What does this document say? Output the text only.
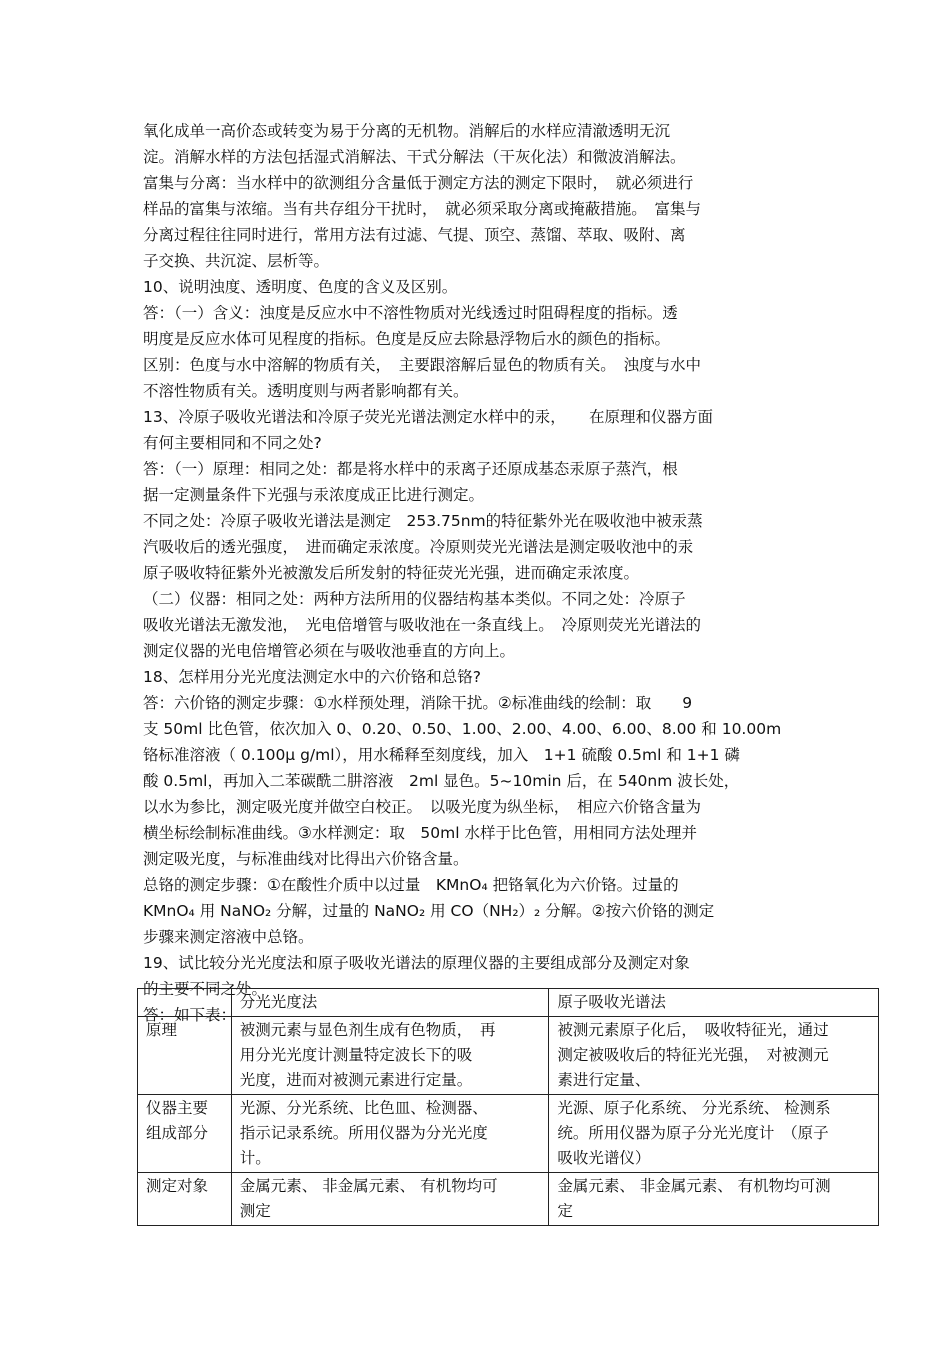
氧化成单一高价态或转变为易于分离的无机物。消解后的水样应清澈透明无沉
淀。消解水样的方法包括湿式消解法、干式分解法（干灰化法）和微波消解法。
富集与分离：当水样中的欲测组分含量低于测定方法的测定下限时，　就必须进行
样品的富集与浓缩。当有共存组分干扰时，　就必须采取分离或掩蔽措施。　富集与
分离过程往往同时进行，常用方法有过滤、气提、顶空、蒸馏、萃取、吸附、离
子交换、共沉淀、层析等。
10、说明浊度、透明度、色度的含义及区别。
答：（一）含义：浊度是反应水中不溶性物质对光线透过时阻碍程度的指标。透
明度是反应水体可见程度的指标。色度是反应去除悬浮物后水的颜色的指标。
区别：色度与水中溶解的物质有关，　主要跟溶解后显色的物质有关。　浊度与水中
不溶性物质有关。透明度则与两者影响都有关。
13、冷原子吸收光谱法和冷原子荧光光谱法测定水样中的汞，　　在原理和仪器方面
有何主要相同和不同之处?
答：（一）原理：相同之处：都是将水样中的汞离子还原成基态汞原子蒸汽，根
据一定测量条件下光强与汞浓度成正比进行测定。
不同之处：冷原子吸收光谱法是测定　253.75nm的特征紫外光在吸收池中被汞蒸
汽吸收后的透光强度，　进而确定汞浓度。冷原则荧光光谱法是测定吸收池中的汞
原子吸收特征紫外光被激发后所发射的特征荧光光强，进而确定汞浓度。
（二）仪器：相同之处：两种方法所用的仪器结构基本类似。不同之处：冷原子
吸收光谱法无激发池，　光电倍增管与吸收池在一条直线上。　冷原则荧光光谱法的
测定仪器的光电倍增管必须在与吸收池垂直的方向上。
18、怎样用分光光度法测定水中的六价铬和总铬?
答：六价铬的测定步骤：①水样预处理，消除干扰。②标准曲线的绘制：取　　9
支 50ml 比色管，依次加入 0、0.20、0.50、1.00、2.00、4.00、6.00、8.00 和 10.00m
铬标准溶液（ 0.100μ g/ml），用水稀释至刻度线，加入　1+1 硫酸 0.5ml 和 1+1 磷
酸 0.5ml，再加入二苯碳酰二肼溶液　2ml 显色。5~10min 后，在 540nm 波长处，
以水为参比，测定吸光度并做空白校正。　以吸光度为纵坐标，　相应六价铬含量为
横坐标绘制标准曲线。③水样测定：取　50ml 水样于比色管，用相同方法处理并
测定吸光度，与标准曲线对比得出六价铬含量。
总铬的测定步骤：①在酸性介质中以过量　KMnO₄ 把铬氧化为六价铬。过量的
KMnO₄ 用 NaNO₂ 分解，过量的 NaNO₂ 用 CO（NH₂）₂ 分解。②按六价铬的测定
步骤来测定溶液中总铬。
19、试比较分光光度法和原子吸收光谱法的原理仪器的主要组成部分及测定对象
的主要不同之处。
答：如下表：
	分光光度法	原子吸收光谱法

原理	被测元素与显色剂生成有色物质，　再
用分光光度计测量特定波长下的吸
光度，进而对被测元素进行定量。	被测元素原子化后，　吸收特征光，通过
测定被吸收后的特征光光强，　对被测元
素进行定量、

仪器主要
组成部分	光源、分光系统、比色皿、检测器、
指示记录系统。所用仪器为分光光度
计。	光源、原子化系统、 分光系统、 检测系
统。所用仪器为原子分光光度计　（原子
吸收光谱仪）

测定对象	金属元素、 非金属元素、 有机物均可
测定	金属元素、 非金属元素、 有机物均可测
定
